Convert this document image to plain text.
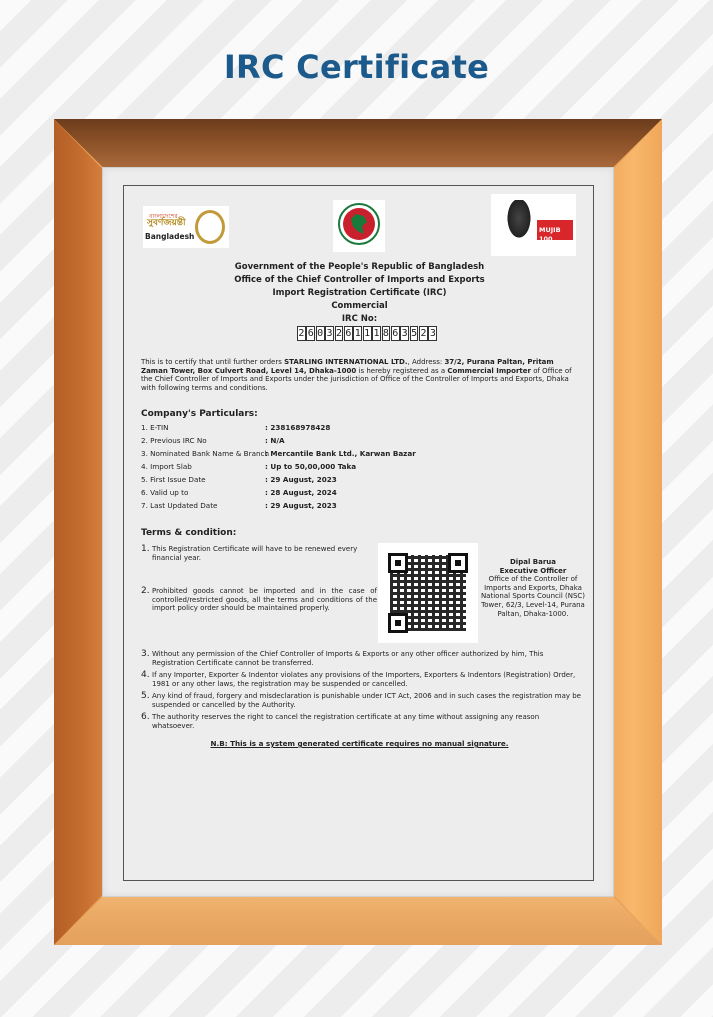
IRC Certificate
বাংলাদেশের
সুবর্ণজয়ন্তী
Bangladesh
MUJIB 100
Government of the People's Republic of Bangladesh
Office of the Chief Controller of Imports and Exports
Import Registration Certificate (IRC)
Commercial
IRC No:
2 6 0 3 2 6 1 1 1 8 6 3 5 2 3
This is to certify that until further orders STARLING INTERNATIONAL LTD., Address: 37/2, Purana Paltan, Pritam Zaman Tower, Box Culvert Road, Level 14, Dhaka-1000 is hereby registered as a Commercial Importer of Office of the Chief Controller of Imports and Exports under the jurisdiction of Office of the Controller of Imports and Exports, Dhaka with following terms and conditions.
Company's Particulars:
1. E-TIN	: 238168978428
2. Previous IRC No	: N/A
3. Nominated Bank Name & Branch
: Mercantile Bank Ltd., Karwan Bazar
4. Import Slab	: Up to 50,00,000 Taka
5. First Issue Date	: 29 August, 2023
6. Valid up to	: 28 August, 2024
7. Last Updated Date	: 29 August, 2023
Terms & condition:
1. This Registration Certificate will have to be renewed every financial year.
2. Prohibited goods cannot be imported and in the case of controlled/restricted goods, all the terms and conditions of the import policy order should be maintained properly.
Dipal Barua
Executive Officer
Office of the Controller of Imports and Exports, Dhaka National Sports Council (NSC) Tower, 62/3, Level-14, Purana Paltan, Dhaka-1000.
3. Without any permission of the Chief Controller of Imports & Exports or any other officer authorized by him, This Registration Certificate cannot be transferred.
4. If any Importer, Exporter & Indentor violates any provisions of the Importers, Exporters & Indentors (Registration) Order, 1981 or any other laws, the registration may be suspended or cancelled.
5. Any kind of fraud, forgery and misdeclaration is punishable under ICT Act, 2006 and in such cases the registration may be suspended or cancelled by the Authority.
6. The authority reserves the right to cancel the registration certificate at any time without assigning any reason whatsoever.
N.B: This is a system generated certificate requires no manual signature.
